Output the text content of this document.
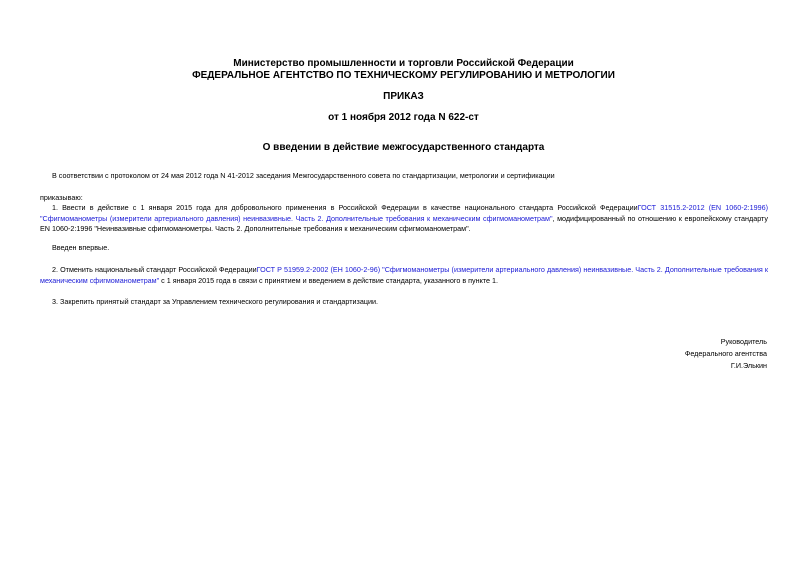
Министерство промышленности и торговли Российской Федерации
ФЕДЕРАЛЬНОЕ АГЕНТСТВО ПО ТЕХНИЧЕСКОМУ РЕГУЛИРОВАНИЮ И МЕТРОЛОГИИ
ПРИКАЗ
от 1 ноября 2012 года N 622-ст
О введении в действие межгосударственного стандарта

В соответствии с протоколом от 24 мая 2012 года N 41-2012 заседания Межгосударственного совета по стандартизации, метрологии и сертификации

приказываю:

1. Ввести в действие с 1 января 2015 года для добровольного применения в Российской Федерации в качестве национального стандарта Российской ФедерацииГОСТ 31515.2-2012 (EN 1060-2:1996) "Сфигмоманометры (измерители артериального давления) неинвазивные. Часть 2. Дополнительные требования к механическим сфигмоманометрам", модифицированный по отношению к европейскому стандарту EN 1060-2:1996 "Неинвазивные сфигмоманометры. Часть 2. Дополнительные требования к механическим сфигмоманометрам".

Введен впервые.

2. Отменить национальный стандарт Российской ФедерацииГОСТ Р 51959.2-2002 (ЕН 1060-2-96) "Сфигмоманометры (измерители артериального давления) неинвазивные. Часть 2. Дополнительные требования к механическим сфигмоманометрам" с 1 января 2015 года в связи с принятием и введением в действие стандарта, указанного в пункте 1.

3. Закрепить принятый стандарт за Управлением технического регулирования и стандартизации.

Руководитель
Федерального агентства
Г.И.Элькин
